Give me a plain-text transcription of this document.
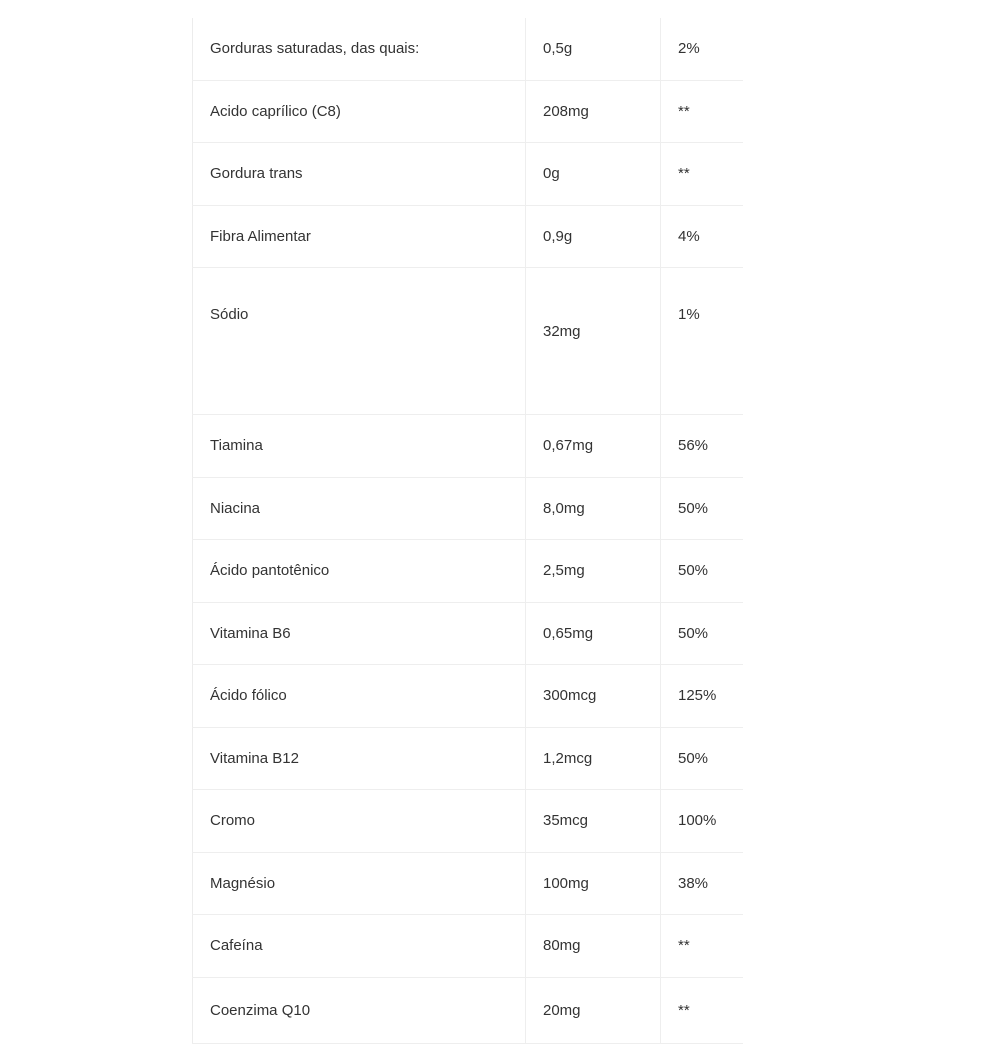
Gorduras saturadas, das quais:	0,5g	2%
Acido caprílico (C8)	208mg	**
Gordura trans	0g	**
Fibra Alimentar	0,9g	4%
Sódio	32mg	1%
Tiamina	0,67mg	56%
Niacina	8,0mg	50%
Ácido pantotênico	2,5mg	50%
Vitamina B6	0,65mg	50%
Ácido fólico	300mcg	125%
Vitamina B12	1,2mcg	50%
Cromo	35mcg	100%
Magnésio	100mg	38%
Cafeína	80mg	**
Coenzima Q10	20mg	**
